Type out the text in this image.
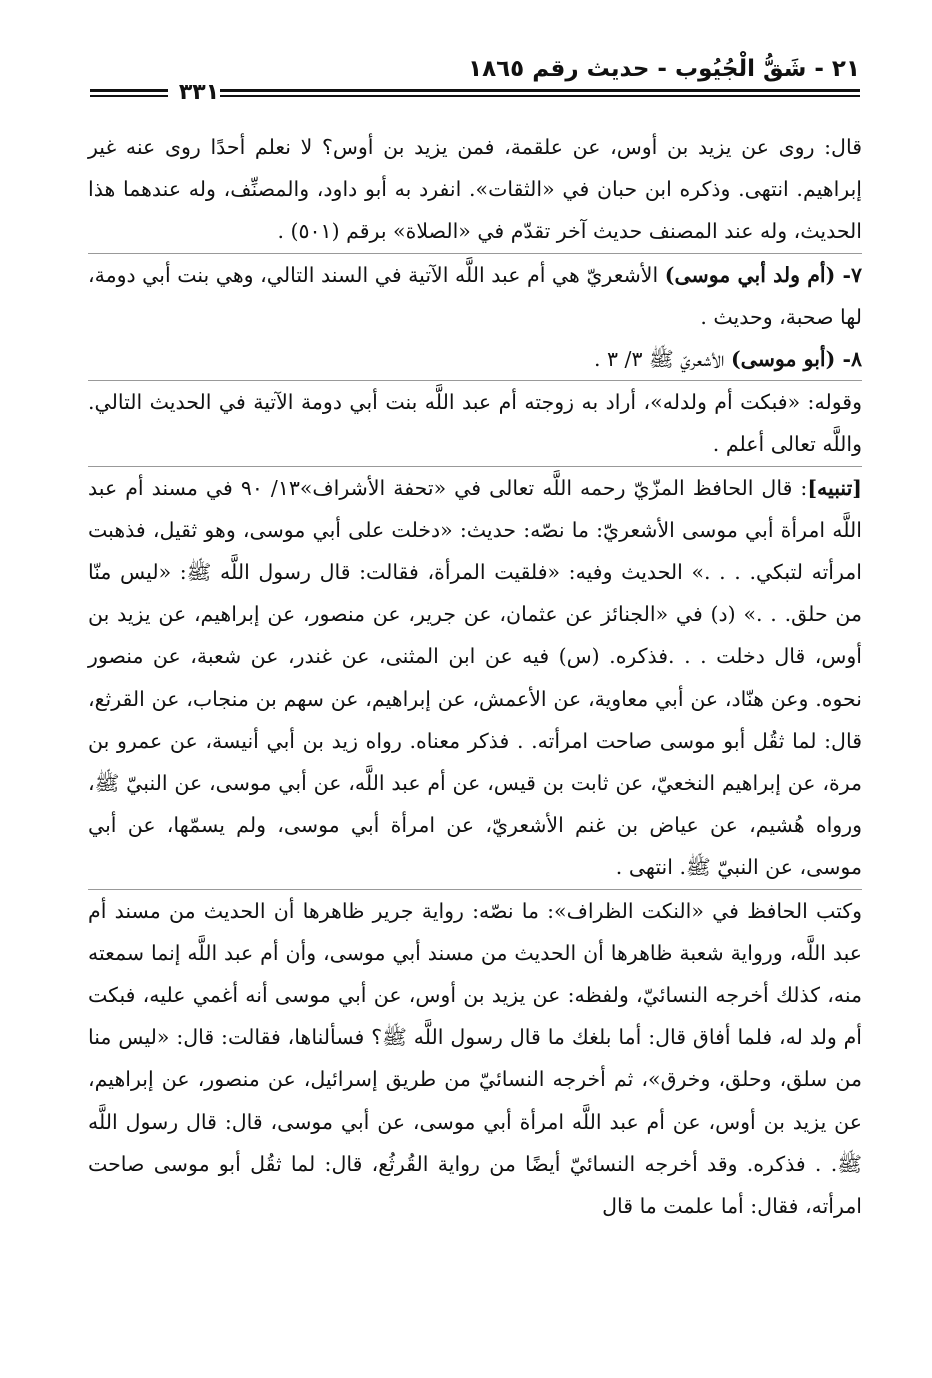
٢١ - شَقُّ الْجُيُوب - حديث رقم ١٨٦٥
٣٣١

قال: روى عن يزيد بن أوس، عن علقمة، فمن يزيد بن أوس؟ لا نعلم أحدًا روى عنه غير إبراهيم. انتهى. وذكره ابن حبان في «الثقات». انفرد به أبو داود، والمصنِّف، وله عندهما هذا الحديث، وله عند المصنف حديث آخر تقدّم في «الصلاة» برقم (٥٠١) .

٧- (أم ولد أبي موسى) الأشعريّ هي أم عبد اللَّه الآتية في السند التالي، وهي بنت أبي دومة، لها صحبة، وحديث .

٨- (أبو موسى) الأشعريّ ﷺ ٣/ ٣ .

وقوله: «فبكت أم ولدله»، أراد به زوجته أم عبد اللَّه بنت أبي دومة الآتية في الحديث التالي. واللَّه تعالى أعلم .

[تنبيه]: قال الحافظ المزّيّ رحمه اللَّه تعالى في «تحفة الأشراف»١٣/ ٩٠ في مسند أم عبد اللَّه امرأة أبي موسى الأشعريّ: ما نصّه: حديث: «دخلت على أبي موسى، وهو ثقيل، فذهبت امرأته لتبكي. . . .» الحديث وفيه: «فلقيت المرأة، فقالت: قال رسول اللَّه ﷺ: «ليس منّا من حلق. . .» (د) في «الجنائز عن عثمان، عن جرير، عن منصور، عن إبراهيم، عن يزيد بن أوس، قال دخلت . . .فذكره. (س) فيه عن ابن المثنى، عن غندر، عن شعبة، عن منصور نحوه. وعن هنّاد، عن أبي معاوية، عن الأعمش، عن إبراهيم، عن سهم بن منجاب، عن القرثع، قال: لما ثقُل أبو موسى صاحت امرأته. . فذكر معناه. رواه زيد بن أبي أنيسة، عن عمرو بن مرة، عن إبراهيم النخعيّ، عن ثابت بن قيس، عن أم عبد اللَّه، عن أبي موسى، عن النبيّ ﷺ، ورواه هُشيم، عن عياض بن غنم الأشعريّ، عن امرأة أبي موسى، ولم يسمّها، عن أبي موسى، عن النبيّ ﷺ. انتهى .

وكتب الحافظ في «النكت الظراف»: ما نصّه: رواية جرير ظاهرها أن الحديث من مسند أم عبد اللَّه، ورواية شعبة ظاهرها أن الحديث من مسند أبي موسى، وأن أم عبد اللَّه إنما سمعته منه، كذلك أخرجه النسائيّ، ولفظه: عن يزيد بن أوس، عن أبي موسى أنه أغمي عليه، فبكت أم ولد له، فلما أفاق قال: أما بلغك ما قال رسول اللَّه ﷺ؟ فسألناها، فقالت: قال: «ليس منا من سلق، وحلق، وخرق»، ثم أخرجه النسائيّ من طريق إسرائيل، عن منصور، عن إبراهيم، عن يزيد بن أوس، عن أم عبد اللَّه امرأة أبي موسى، عن أبي موسى، قال: قال رسول اللَّه ﷺ. . فذكره. وقد أخرجه النسائيّ أيضًا من رواية القُرثُع، قال: لما ثقُل أبو موسى صاحت امرأته، فقال: أما علمت ما قال
